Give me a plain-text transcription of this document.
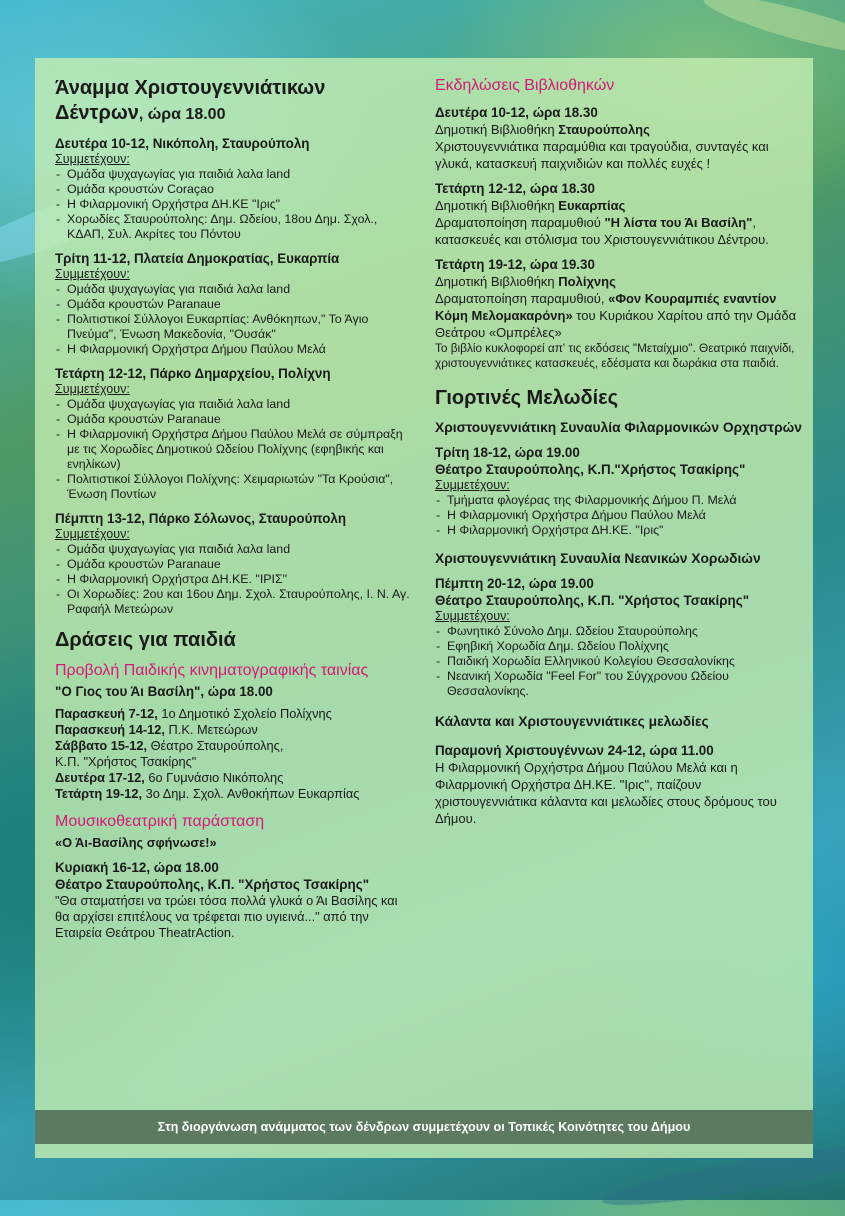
Άναμμα Χριστουγεννιάτικων
Δέντρων, ώρα 18.00
Δευτέρα 10-12, Νικόπολη, Σταυρούπολη
Συμμετέχουν:
- Ομάδα ψυχαγωγίας για παιδιά λαλα land
- Ομάδα κρουστών Coraçao
- Η Φιλαρμονική Ορχήστρα ΔΗ.ΚΕ "Ιρις"
- Χορωδίες Σταυρούπολης: Δημ. Ωδείου, 18ου Δημ. Σχολ., ΚΔΑΠ, Συλ. Ακρίτες του Πόντου
Τρίτη 11-12, Πλατεία Δημοκρατίας, Ευκαρπία
Συμμετέχουν:
- Ομάδα ψυχαγωγίας για παιδιά λαλα land
- Ομάδα κρουστών Paranaue
- Πολιτιστικοί Σύλλογοι Ευκαρπίας: Ανθόκηπων," Το Άγιο Πνεύμα", Ένωση Μακεδονία, "Ουσάκ"
- Η Φιλαρμονική Ορχήστρα Δήμου Παύλου Μελά
Τετάρτη 12-12, Πάρκο Δημαρχείου, Πολίχνη
Συμμετέχουν:
- Ομάδα ψυχαγωγίας για παιδιά λαλα land
- Ομάδα κρουστών Paranaue
- Η Φιλαρμονική Ορχήστρα Δήμου Παύλου Μελά σε σύμπραξη με τις Χορωδίες Δημοτικού Ωδείου Πολίχνης (εφηβικής και ενηλίκων)
- Πολιτιστικοί Σύλλογοι Πολίχνης: Χειμαριωτών "Τα Κρούσια", Ένωση Ποντίων
Πέμπτη 13-12, Πάρκο Σόλωνος, Σταυρούπολη
Συμμετέχουν:
- Ομάδα ψυχαγωγίας για παιδιά λαλα land
- Ομάδα κρουστών Paranaue
- Η Φιλαρμονική Ορχήστρα ΔΗ.ΚΕ. "ΙΡΙΣ"
- Οι Χορωδίες: 2ου και 16ου Δημ. Σχολ. Σταυρούπολης, Ι. Ν. Αγ. Ραφαήλ Μετεώρων
Δράσεις για παιδιά
Προβολή Παιδικής κινηματογραφικής ταινίας
"Ο Γιος του Άι Βασίλη", ώρα 18.00
Παρασκευή 7-12, 1ο Δημοτικό Σχολείο Πολίχνης
Παρασκευή 14-12, Π.Κ. Μετεώρων
Σάββατο 15-12, Θέατρο Σταυρούπολης,
Κ.Π. "Χρήστος Τσακίρης"
Δευτέρα 17-12, 6ο Γυμνάσιο Νικόπολης
Τετάρτη 19-12, 3ο Δημ. Σχολ. Ανθοκήπων Ευκαρπίας
Μουσικοθεατρική παράσταση
«Ο Άι-Βασίλης σφήνωσε!»
Κυριακή 16-12, ώρα 18.00
Θέατρο Σταυρούπολης, Κ.Π. "Χρήστος Τσακίρης"
"Θα σταματήσει να τρώει τόσα πολλά γλυκά ο Άι Βασίλης και θα αρχίσει επιτέλους να τρέφεται πιο υγιεινά..." από την Εταιρεία Θεάτρου TheatrAction.
Εκδηλώσεις Βιβλιοθηκών
Δευτέρα 10-12, ώρα 18.30
Δημοτική Βιβλιοθήκη Σταυρούπολης
Χριστουγεννιάτικα παραμύθια και τραγούδια, συνταγές και γλυκά, κατασκευή παιχνιδιών και πολλές ευχές !
Τετάρτη 12-12, ώρα 18.30
Δημοτική Βιβλιοθήκη Ευκαρπίας
Δραματοποίηση παραμυθιού "Η λίστα του Άι Βασίλη", κατασκευές και στόλισμα του Χριστουγεννιάτικου Δέντρου.
Τετάρτη 19-12, ώρα 19.30
Δημοτική Βιβλιοθήκη Πολίχνης
Δραματοποίηση παραμυθιού, «Φον Κουραμπιές εναντίον Κόμη Μελομακαρόνη» του Κυριάκου Χαρίτου από την Ομάδα Θεάτρου «Ομπρέλες»
Το βιβλίο κυκλοφορεί απ' τις εκδόσεις "Μεταίχμιο". Θεατρικό παιχνίδι, χριστουγεννιάτικες κατασκευές, εδέσματα και δωράκια στα παιδιά.
Γιορτινές Μελωδίες
Χριστουγεννιάτικη Συναυλία Φιλαρμονικών Ορχηστρών
Τρίτη 18-12, ώρα 19.00
Θέατρο Σταυρούπολης, Κ.Π."Χρήστος Τσακίρης"
Συμμετέχουν:
- Τμήματα φλογέρας της Φιλαρμονικής Δήμου Π. Μελά
- Η Φιλαρμονική Ορχήστρα Δήμου Παύλου Μελά
- Η Φιλαρμονική Ορχήστρα ΔΗ.ΚΕ. "Ιρις"
Χριστουγεννιάτικη Συναυλία Νεανικών Χορωδιών
Πέμπτη 20-12, ώρα 19.00
Θέατρο Σταυρούπολης, Κ.Π. "Χρήστος Τσακίρης"
Συμμετέχουν:
- Φωνητικό Σύνολο Δημ. Ωδείου Σταυρούπολης
- Εφηβική Χορωδία Δημ. Ωδείου Πολίχνης
- Παιδική Χορωδία Ελληνικού Κολεγίου Θεσσαλονίκης
- Νεανική Χορωδία "Feel For" του Σύγχρονου Ωδείου Θεσσαλονίκης.
Κάλαντα και Χριστουγεννιάτικες μελωδίες
Παραμονή Χριστουγέννων 24-12, ώρα 11.00
Η Φιλαρμονική Ορχήστρα Δήμου Παύλου Μελά και η Φιλαρμονική Ορχήστρα ΔΗ.ΚΕ. "Ιρις", παίζουν χριστουγεννιάτικα κάλαντα και μελωδίες στους δρόμους του Δήμου.
Στη διοργάνωση ανάμματος των δένδρων συμμετέχουν οι Τοπικές Κοινότητες του Δήμου
